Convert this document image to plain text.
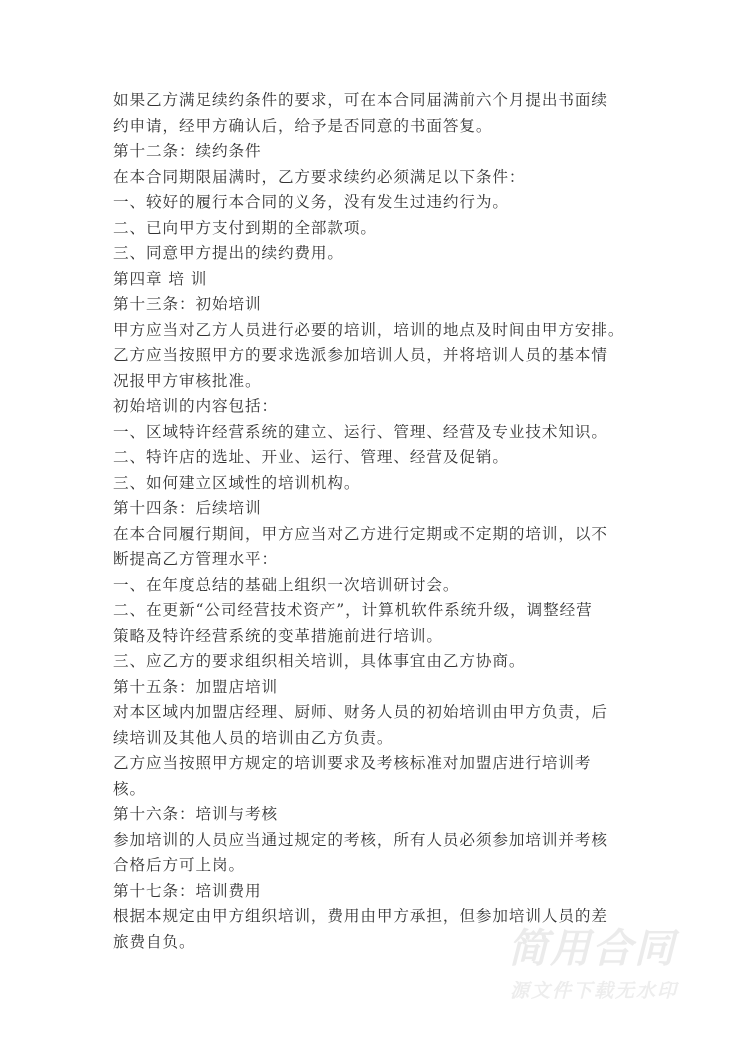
如果乙方满足续约条件的要求，可在本合同届满前六个月提出书面续
约申请，经甲方确认后，给予是否同意的书面答复。
第十二条：续约条件
在本合同期限届满时，乙方要求续约必须满足以下条件：
一、较好的履行本合同的义务，没有发生过违约行为。
二、已向甲方支付到期的全部款项。
三、同意甲方提出的续约费用。
第四章 培 训
第十三条：初始培训
甲方应当对乙方人员进行必要的培训，培训的地点及时间由甲方安排。
乙方应当按照甲方的要求选派参加培训人员，并将培训人员的基本情
况报甲方审核批准。
初始培训的内容包括：
一、区域特许经营系统的建立、运行、管理、经营及专业技术知识。
二、特许店的选址、开业、运行、管理、经营及促销。
三、如何建立区域性的培训机构。
第十四条：后续培训
在本合同履行期间，甲方应当对乙方进行定期或不定期的培训，以不
断提高乙方管理水平：
一、在年度总结的基础上组织一次培训研讨会。
二、在更新“公司经营技术资产”，计算机软件系统升级，调整经营
策略及特许经营系统的变革措施前进行培训。
三、应乙方的要求组织相关培训，具体事宜由乙方协商。
第十五条：加盟店培训
对本区域内加盟店经理、厨师、财务人员的初始培训由甲方负责，后
续培训及其他人员的培训由乙方负责。
乙方应当按照甲方规定的培训要求及考核标准对加盟店进行培训考
核。
第十六条：培训与考核
参加培训的人员应当通过规定的考核，所有人员必须参加培训并考核
合格后方可上岗。
第十七条：培训费用
根据本规定由甲方组织培训，费用由甲方承担，但参加培训人员的差
旅费自负。	简用合同
源文件下载无水印
